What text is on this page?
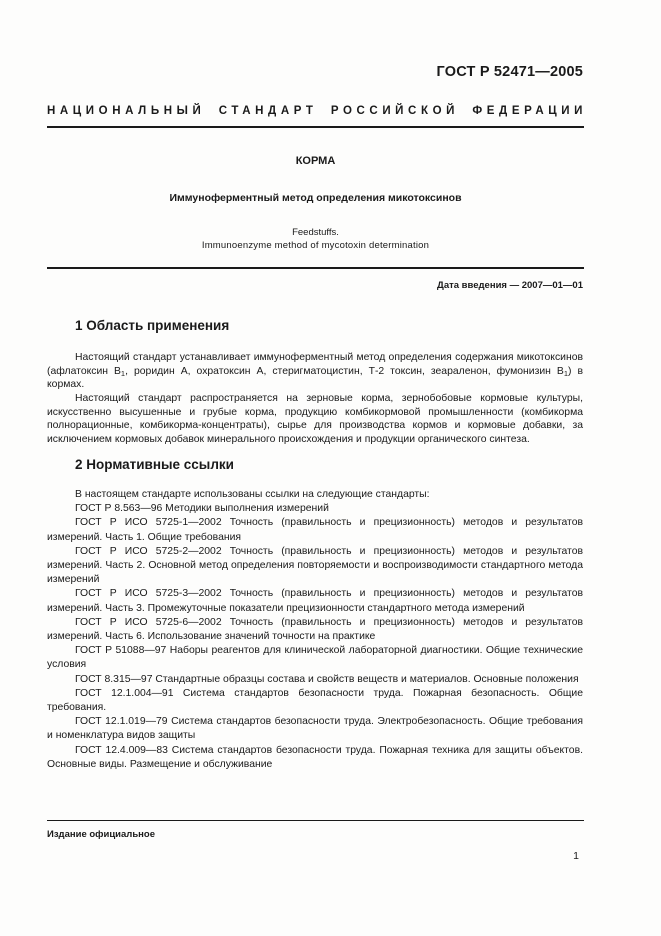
ГОСТ Р 52471—2005
НАЦИОНАЛЬНЫЙ СТАНДАРТ РОССИЙСКОЙ ФЕДЕРАЦИИ
КОРМА
Иммуноферментный метод определения микотоксинов
Feedstuffs.
Immunoenzyme method of mycotoxin determination
Дата введения — 2007—01—01
1 Область применения

Настоящий стандарт устанавливает иммуноферментный метод определения содержания микотоксинов (афлатоксин $B_1$, роридин А, охратоксин А, стеригматоцистин, Т-2 токсин, зеараленон, фумонизин $B_1$) в кормах.

Настоящий стандарт распространяется на зерновые корма, зернобобовые кормовые культуры, искусственно высушенные и грубые корма, продукцию комбикормовой промышленности (комбикорма полнорационные, комбикорма-концентраты), сырье для производства кормов и кормовые добавки, за исключением кормовых добавок минерального происхождения и продукции органического синтеза.

2 Нормативные ссылки

В настоящем стандарте использованы ссылки на следующие стандарты:

ГОСТ Р 8.563—96 Методики выполнения измерений

ГОСТ Р ИСО 5725-1—2002 Точность (правильность и прецизионность) методов и результатов измерений. Часть 1. Общие требования

ГОСТ Р ИСО 5725-2—2002 Точность (правильность и прецизионность) методов и результатов измерений. Часть 2. Основной метод определения повторяемости и воспроизводимости стандартного метода измерений

ГОСТ Р ИСО 5725-3—2002 Точность (правильность и прецизионность) методов и результатов измерений. Часть 3. Промежуточные показатели прецизионности стандартного метода измерений

ГОСТ Р ИСО 5725-6—2002 Точность (правильность и прецизионность) методов и результатов измерений. Часть 6. Использование значений точности на практике

ГОСТ Р 51088—97 Наборы реагентов для клинической лабораторной диагностики. Общие технические условия

ГОСТ 8.315—97 Стандартные образцы состава и свойств веществ и материалов. Основные положения

ГОСТ 12.1.004—91 Система стандартов безопасности труда. Пожарная безопасность. Общие требования.

ГОСТ 12.1.019—79 Система стандартов безопасности труда. Электробезопасность. Общие требования и номенклатура видов защиты

ГОСТ 12.4.009—83 Система стандартов безопасности труда. Пожарная техника для защиты объектов. Основные виды. Размещение и обслуживание

Издание официальное
1
